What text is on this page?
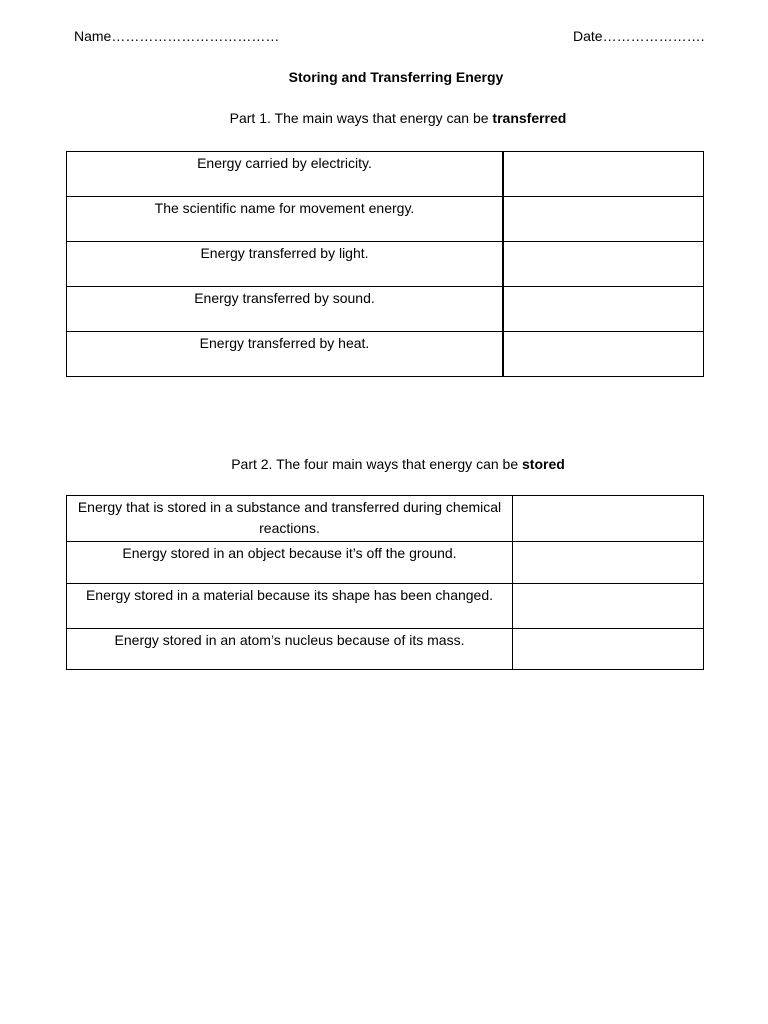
Name………………………………	Date………………….
Storing and Transferring Energy
Part 1. The main ways that energy can be transferred
Energy carried by electricity.	
The scientific name for movement energy.	
Energy transferred by light.	
Energy transferred by sound.	
Energy transferred by heat.	
Part 2. The four main ways that energy can be stored
Energy that is stored in a substance and transferred during chemical reactions.	

Energy stored in an object because it’s off the ground.	

Energy stored in a material because its shape has been changed.	

Energy stored in an atom’s nucleus because of its mass.	
